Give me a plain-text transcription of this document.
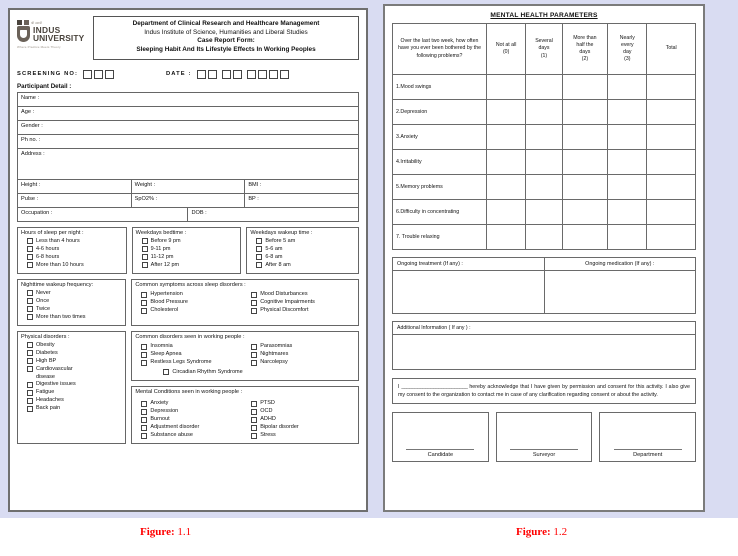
श्री स्वामी
INDUS
UNIVERSITY
Where Practice Meets Theory
Department of Clinical Research and Healthcare Management
Indus Institute of Science, Humanities and Liberal Studies
Case Report Form:
Sleeping Habit And Its Lifestyle Effects In Working Peoples
SCREENING NO:	DATE :
Participant Detail :
Name :			
Age :			
Gender :			
Ph no. :			
Address :			
Height :	Weight :		BMI :
Pulse :	SpO2% :		BP :
Occupation :		DOB :	
Hours of sleep per night :
Less than 4 hours
4-6 hours
6-8 hours
More than 10 hours
Weekdays bedtime :
Before 9 pm
9-11 pm
11-12 pm
After 12 pm
Weekdays wakeup time :
Before 5 am
5-6 am
6-8 am
After 8 am
Nighttime wakeup frequency:
Never
Once
Twice
More than two times
Common symptoms across sleep disorders :
Hypertension
Blood Pressure
Cholesterol
Mood Disturbances
Cognitive Impairments
Physical Discomfort
Physical disorders :
Obesity
Diabetes
High BP
Cardiovascular
disease
Digestive issues
Fatigue
Headaches
Back pain
Common disorders seen in working people :
Insomnia
Sleep Apnea
Restless Legs Syndrome
Parasomnias
Nightmares
Narcolepsy
Circadian Rhythm Syndrome
Mental Conditions seen in working people :
Anxiety
Depression
Burnout
Adjustment disorder
Substance abuse
PTSD
OCD
ADHD
Bipolar disorder
Stress
MENTAL HEALTH PARAMETERS
Over the last two week, how often have you ever been bothered by the following problems?	Not at all
(0)	Several
days
(1)	More than
half the
days
(2)	Nearly
every
day
(3)	Total
1.Mood swings					
2.Depression					
3.Anxiety					
4.Irritability					
5.Memory problems					
6.Difficulty in concentrating					
7. Trouble relaxing					
Ongoing treatment (If any) :	Ongoing medication (If any) :
Additional Information ( If any ) :
I _________________________ hereby acknowledge that I have given by permission and consent for this activity. I also give my consent to the organization to contact me in case of any clarification regarding consent or about the activity.
Candidate	Surveyor	Department
Figure: 1.1	Figure: 1.2
